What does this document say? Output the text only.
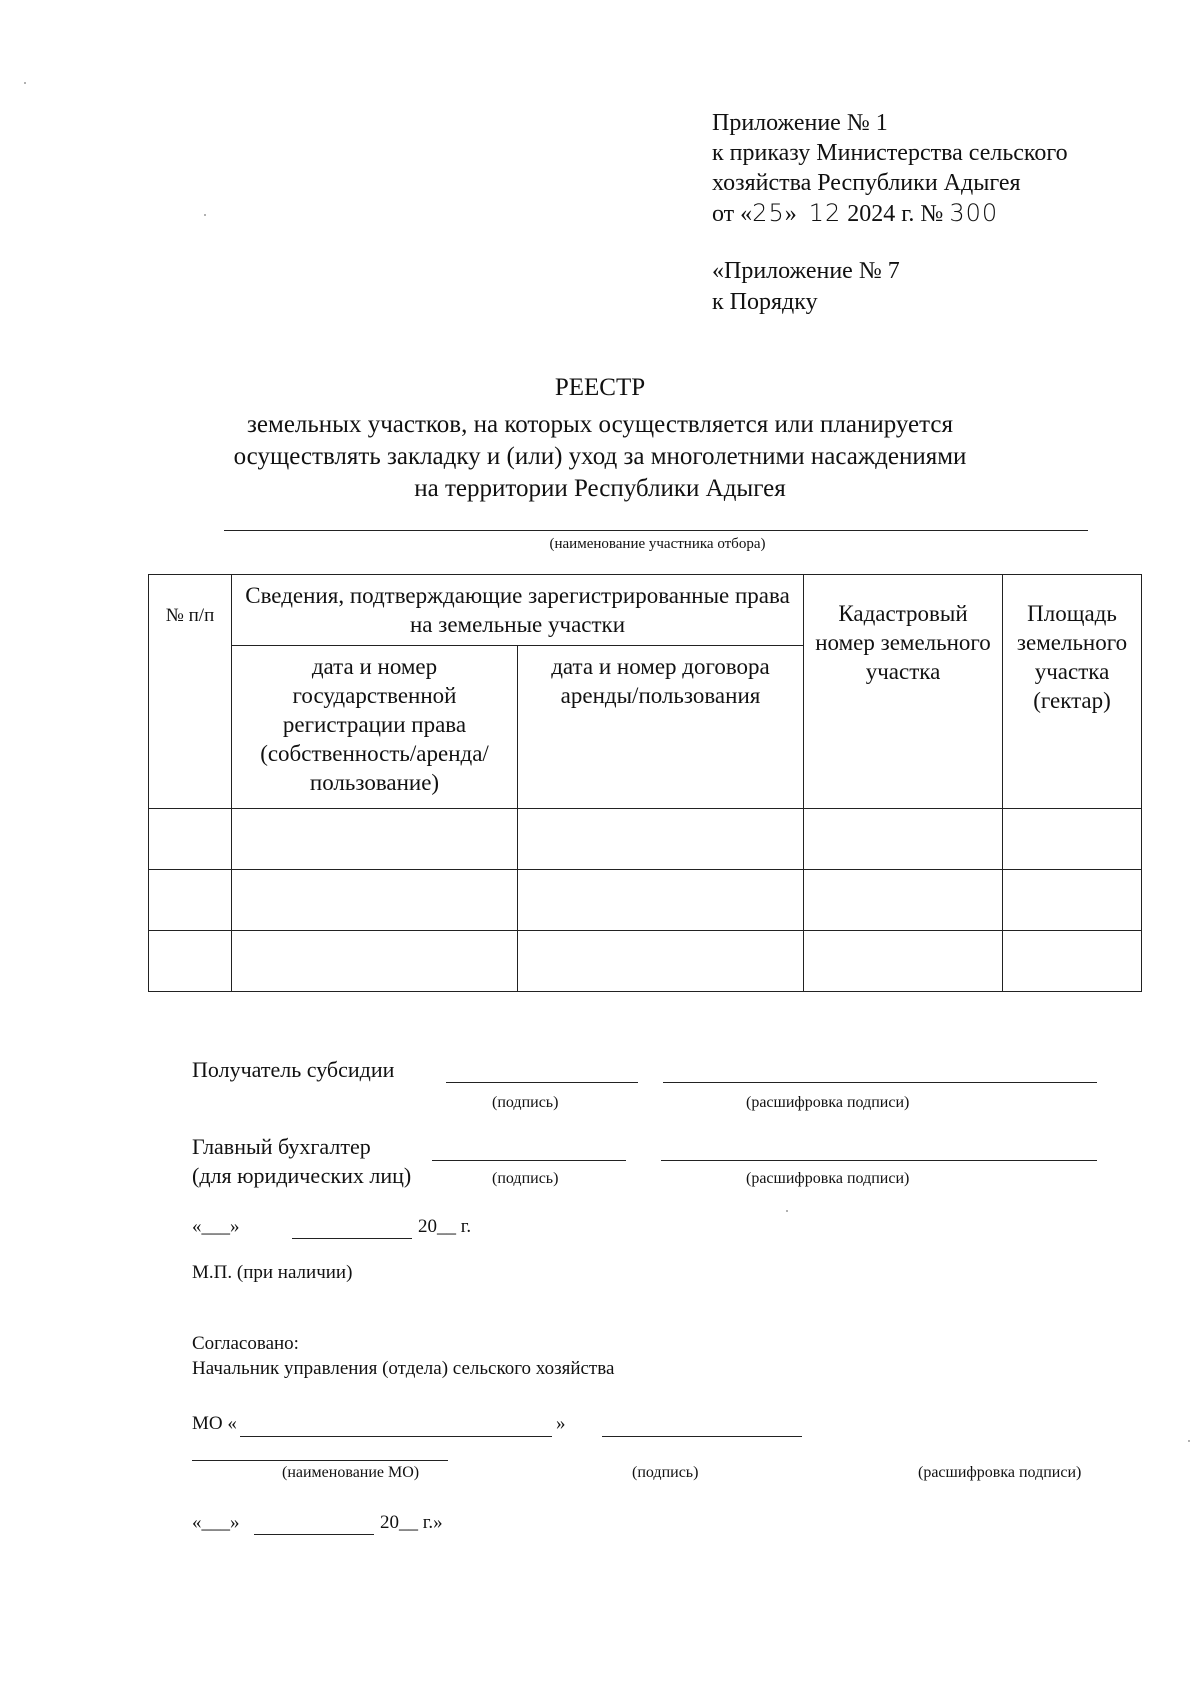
Приложение № 1
к приказу Министерства сельского
хозяйства Республики Адыгея
от «25» 12 2024 г. № 300
«Приложение № 7
к Порядку
РЕЕСТР
земельных участков, на которых осуществляется или планируется
осуществлять закладку и (или) уход за многолетними насаждениями
на территории Республики Адыгея
(наименование участника отбора)
№ п/п	Сведения, подтверждающие зарегистрированные права на земельные участки		Кадастровый номер земельного участка	Площадь земельного участка (гектар)
	дата и номер государственной регистрации права (собственность/аренда/ пользование)	дата и номер договора аренды/пользования		

Получатель субсидии
(подпись)	(расшифровка подписи)
Главный бухгалтер
(для юридических лиц)	(подпись)	(расшифровка подписи)
«___»	20__ г.
М.П. (при наличии)
Согласовано:
Начальник управления (отдела) сельского хозяйства
МО «	»
(наименование МО)	(подпись)	(расшифровка подписи)
«___»	20__ г.»
